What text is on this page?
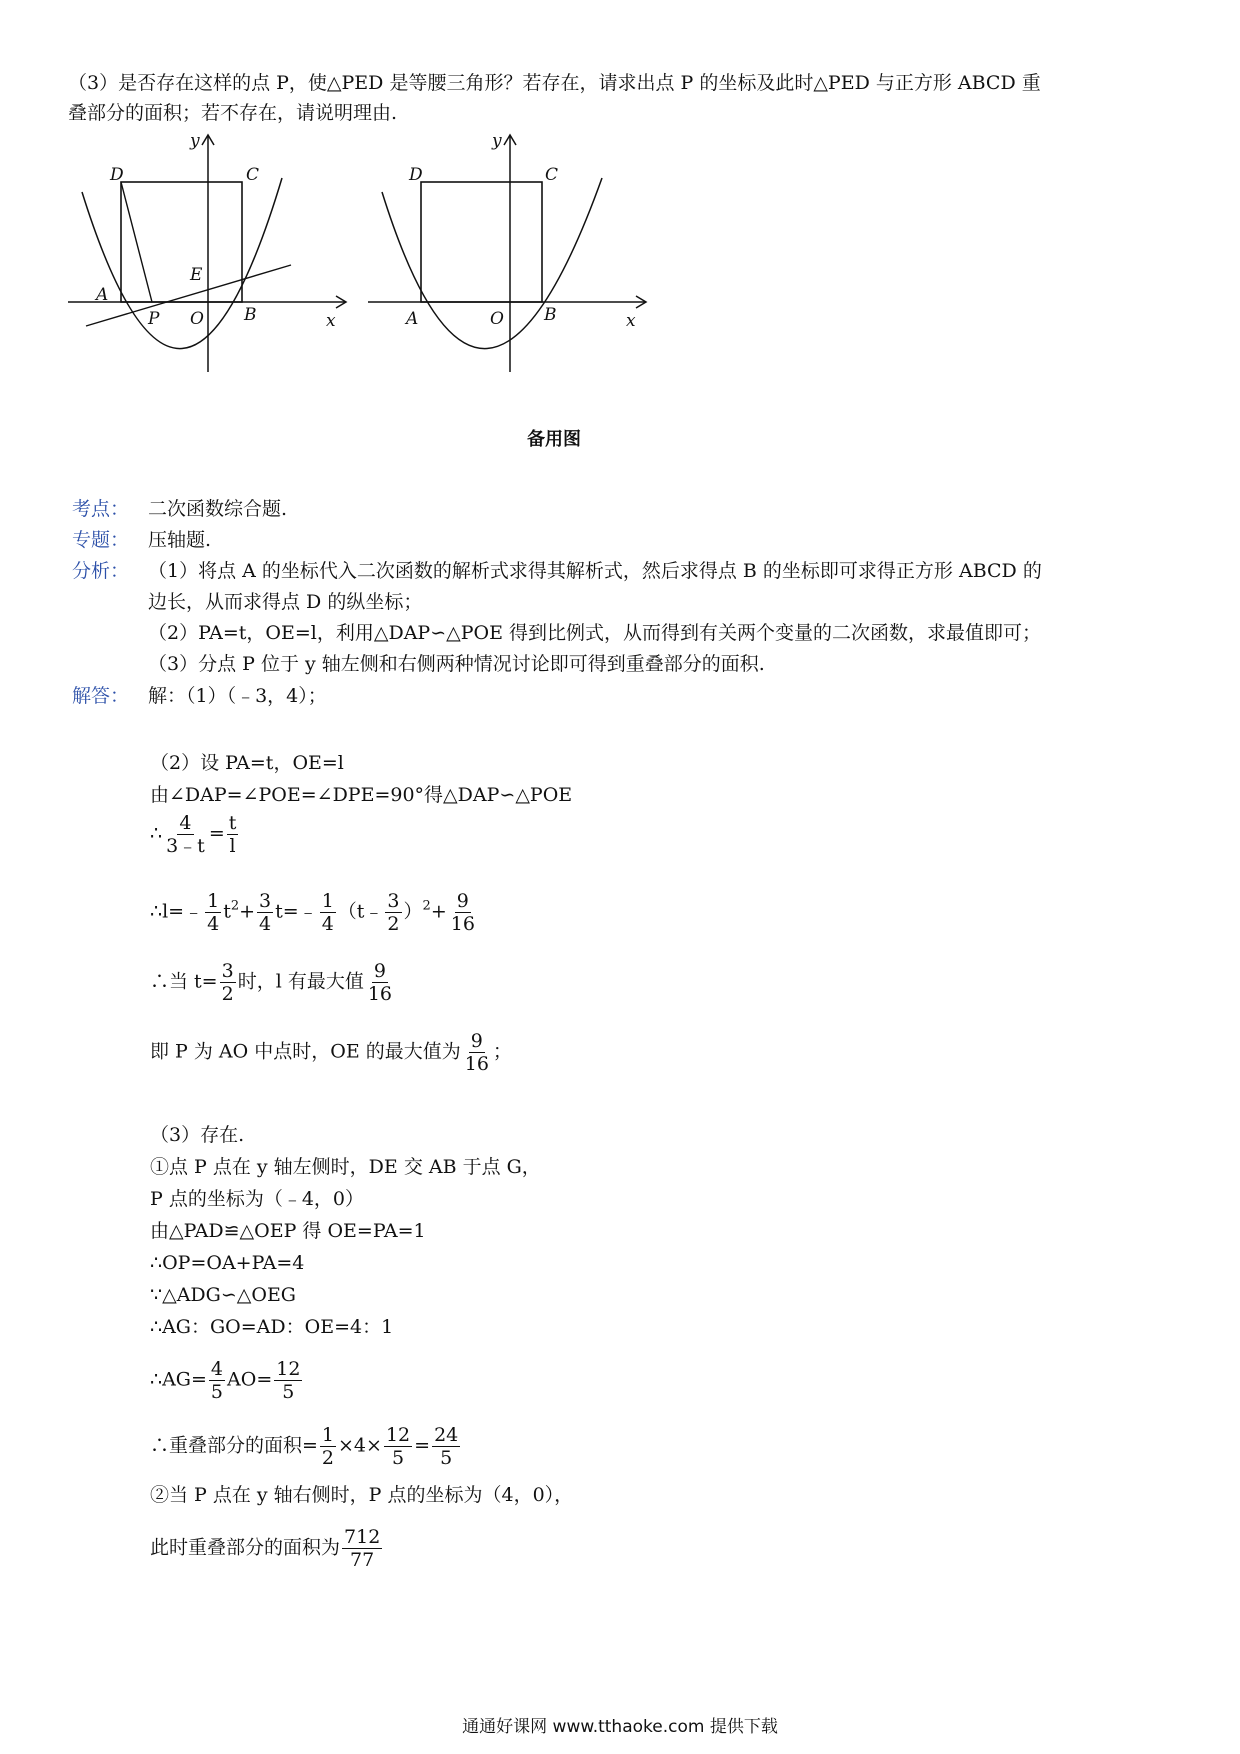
（3）是否存在这样的点 P，使△PED 是等腰三角形？若存在，请求出点 P 的坐标及此时△PED 与正方形 ABCD 重
叠部分的面积；若不存在，请说明理由.
D	C
E
A
P O B	x
y
D	C
A	O B	x
y
备用图
考点： 二次函数综合题.
专题： 压轴题.
分析： （1）将点 A 的坐标代入二次函数的解析式求得其解析式，然后求得点 B 的坐标即可求得正方形 ABCD 的
边长，从而求得点 D 的纵坐标；
（2）PA=t，OE=l，利用△DAP∽△POE 得到比例式，从而得到有关两个变量的二次函数，求最值即可；
（3）分点 P 位于 y 轴左侧和右侧两种情况讨论即可得到重叠部分的面积.
解答： 解：（1）（﹣3，4）；
（2）设 PA=t，OE=l
由∠DAP=∠POE=∠DPE=90°得△DAP∽△POE
∴ $\frac{4}{3﹣t} = \frac{t}{l}$
∴l=﹣ $\frac{1}{4} t^2+ \frac{3}{4}$ t=﹣ $\frac{1}{4}$ （t﹣ $\frac{3}{2} )^2+ \frac{9}{16}$
∴当 $t= \frac{3}{2}$ 时，l 有最大值 $\frac{9}{16}$
即 P 为 AO 中点时，OE 的最大值为 $\frac{9}{16}$ ；
（3）存在.
①点 P 点在 y 轴左侧时，DE 交 AB 于点 G，
P 点的坐标为（﹣4，0）
由△PAD≌△OEP 得 OE=PA=1
∴OP=OA+PA=4
∵△ADG∽△OEG
∴AG：GO=AD：OE=4：1
∴AG= $\frac{4}{5} AO= \frac{12}{5}$
∴重叠部分的面积= $\frac{1}{2} \times 4\times \frac{12}{5} = \frac{24}{5}$
②当 P 点在 y 轴右侧时，P 点的坐标为（4，0），
此时重叠部分的面积为 $\frac{712}{77}$
通通好课网 www.tthaoke.com 提供下载
